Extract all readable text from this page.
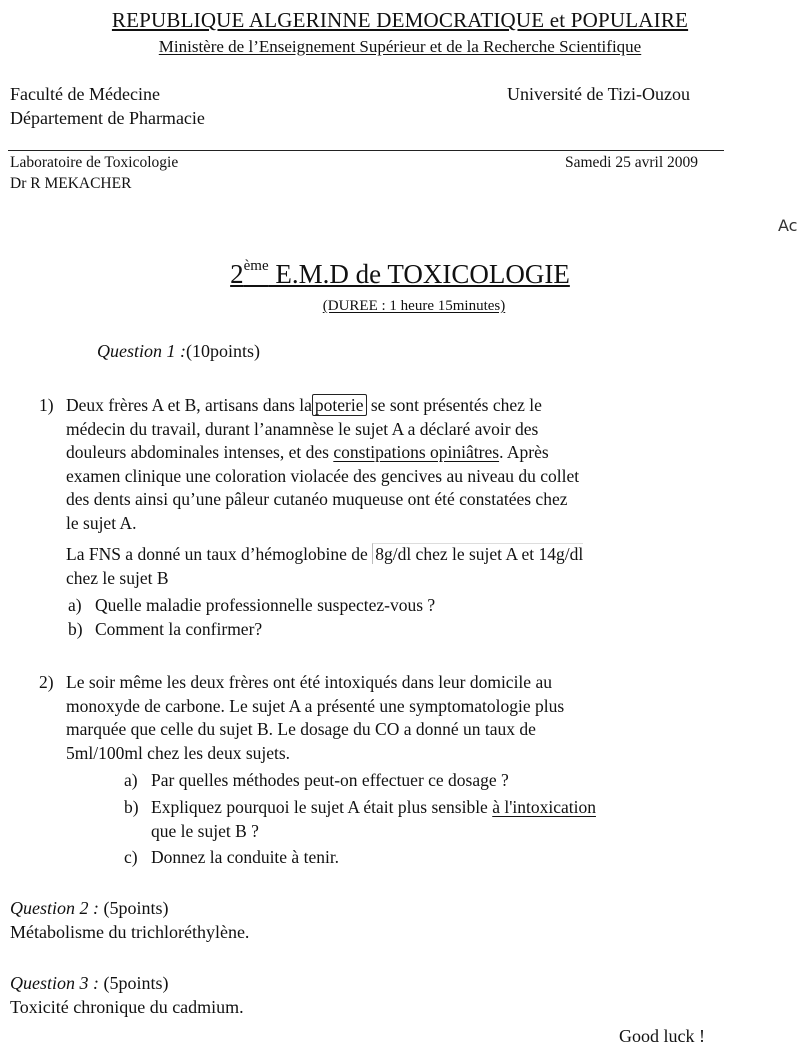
REPUBLIQUE ALGERINNE DEMOCRATIQUE et POPULAIRE
Ministère de l’Enseignement Supérieur et de la Recherche Scientifique
Faculté de Médecine
Département de Pharmacie
Université de Tizi-Ouzou
Laboratoire de Toxicologie
Dr R MEKACHER
Samedi 25 avril 2009
Ac
2ème E.M.D de TOXICOLOGIE
(DUREE : 1 heure 15minutes)
Question 1 :(10points)
1) Deux frères A et B, artisans dans la poterie se sont présentés chez le
médecin du travail, durant l’anamnèse le sujet A a déclaré avoir des
douleurs abdominales intenses, et des constipations opiniâtres. Après
examen clinique une coloration violacée des gencives au niveau du collet
des dents ainsi qu’une pâleur cutanéo muqueuse ont été constatées chez
le sujet A.
La FNS a donné un taux d’hémoglobine de 8g/dl chez le sujet A et 14g/dl
chez le sujet B
a) Quelle maladie professionnelle suspectez-vous ?
b) Comment la confirmer?
2) Le soir même les deux frères ont été intoxiqués dans leur domicile au
monoxyde de carbone. Le sujet A a présenté une symptomatologie plus
marquée que celle du sujet B. Le dosage du CO a donné un taux de
5ml/100ml chez les deux sujets.
a) Par quelles méthodes peut-on effectuer ce dosage ?
b) Expliquez pourquoi le sujet A était plus sensible à l'intoxication
que le sujet B ?
c) Donnez la conduite à tenir.
Question 2 : (5points)
Métabolisme du trichloréthylène.
Question 3 : (5points)
Toxicité chronique du cadmium.
Good luck !
